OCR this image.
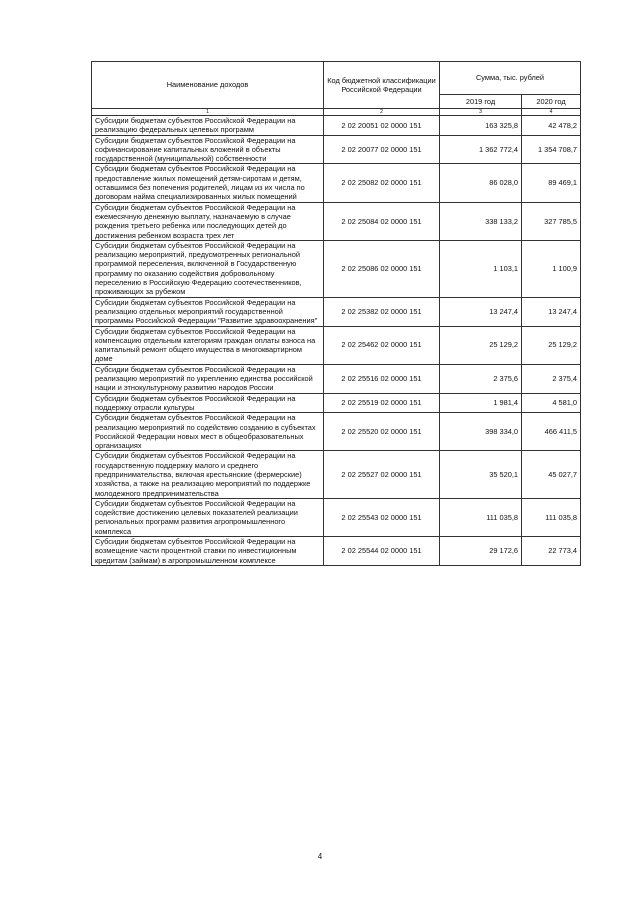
Наименование доходов	Код бюджетной классификации Российской Федерации	Сумма, тыс. рублей	
		2019 год	2020 год
1	2	3	4
Субсидии бюджетам субъектов Российской Федерации на реализацию федеральных целевых программ	2 02 20051 02 0000 151	163 325,8	42 478,2
Субсидии бюджетам субъектов Российской Федерации на софинансирование капитальных вложений в объекты государственной (муниципальной) собственности	2 02 20077 02 0000 151	1 362 772,4	1 354 708,7
Субсидии бюджетам субъектов Российской Федерации на предоставление жилых помещений детям-сиротам и детям, оставшимся без попечения родителей, лицам из их числа по договорам найма специализированных жилых помещений	2 02 25082 02 0000 151	86 028,0	89 469,1
Субсидии бюджетам субъектов Российской Федерации на ежемесячную денежную выплату, назначаемую в случае рождения третьего ребенка или последующих детей до достижения ребенком возраста трех лет	2 02 25084 02 0000 151	338 133,2	327 785,5
Субсидии бюджетам субъектов Российской Федерации на реализацию мероприятий, предусмотренных региональной программой переселения, включенной в Государственную программу по оказанию содействия добровольному переселению в Российскую Федерацию соотечественников, проживающих за рубежом	2 02 25086 02 0000 151	1 103,1	1 100,9
Субсидии бюджетам субъектов Российской Федерации на реализацию отдельных мероприятий государственной программы Российской Федерации "Развитие здравоохранения"	2 02 25382 02 0000 151	13 247,4	13 247,4
Субсидии бюджетам субъектов Российской Федерации на компенсацию отдельным категориям граждан оплаты взноса на капитальный ремонт общего имущества в многоквартирном доме	2 02 25462 02 0000 151	25 129,2	25 129,2
Субсидии бюджетам субъектов Российской Федерации на реализацию мероприятий по укреплению единства российской нации и этнокультурному развитию народов России	2 02 25516 02 0000 151	2 375,6	2 375,4
Субсидии бюджетам субъектов Российской Федерации на поддержку отрасли культуры	2 02 25519 02 0000 151	1 981,4	4 581,0
Субсидии бюджетам субъектов Российской Федерации на реализацию мероприятий по содействию созданию в субъектах Российской Федерации новых мест в общеобразовательных организациях	2 02 25520 02 0000 151	398 334,0	466 411,5
Субсидии бюджетам субъектов Российской Федерации на государственную поддержку малого и среднего предпринимательства, включая крестьянские (фермерские) хозяйства, а также на реализацию мероприятий по поддержке молодежного предпринимательства	2 02 25527 02 0000 151	35 520,1	45 027,7
Субсидии бюджетам субъектов Российской Федерации на содействие достижению целевых показателей реализации региональных программ развития агропромышленного комплекса	2 02 25543 02 0000 151	111 035,8	111 035,8
Субсидии бюджетам субъектов Российской Федерации на возмещение части процентной ставки по инвестиционным кредитам (займам) в агропромышленном комплексе	2 02 25544 02 0000 151	29 172,6	22 773,4
4
